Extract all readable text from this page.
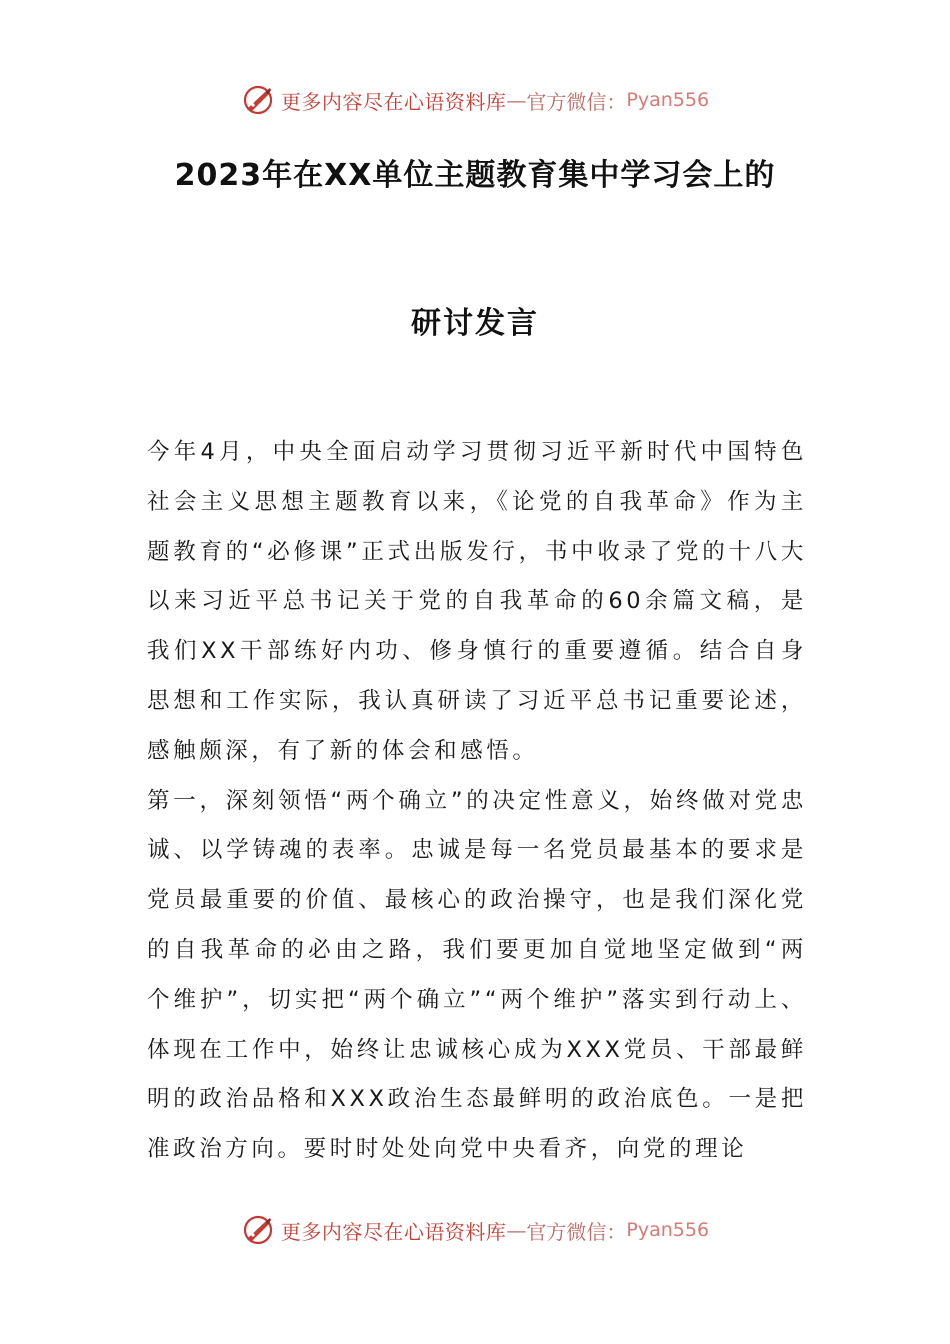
更多内容尽在心语资料库 — 官方微信： Pyan556
2023年在XX单位主题教育集中学习会上的
研讨发言

今年4月，中央全面启动学习贯彻习近平新时代中国特色社会主义思想主题教育以来，《论党的自我革命》作为主题教育的“必修课”正式出版发行，书中收录了党的十八大以来习近平总书记关于党的自我革命的60余篇文稿，是我们XX干部练好内功、修身慎行的重要遵循。结合自身思想和工作实际，我认真研读了习近平总书记重要论述，感触颇深，有了新的体会和感悟。

第一，深刻领悟“两个确立”的决定性意义，始终做对党忠诚、以学铸魂的表率。忠诚是每一名党员最基本的要求是党员最重要的价值、最核心的政治操守，也是我们深化党的自我革命的必由之路，我们要更加自觉地坚定做到“两个维护”，切实把“两个确立”“两个维护”落实到行动上、体现在工作中，始终让忠诚核心成为XXX党员、干部最鲜明的政治品格和XXX政治生态最鲜明的政治底色。一是把准政治方向。要时时处处向党中央看齐，向党的理论

更多内容尽在心语资料库 — 官方微信： Pyan556
